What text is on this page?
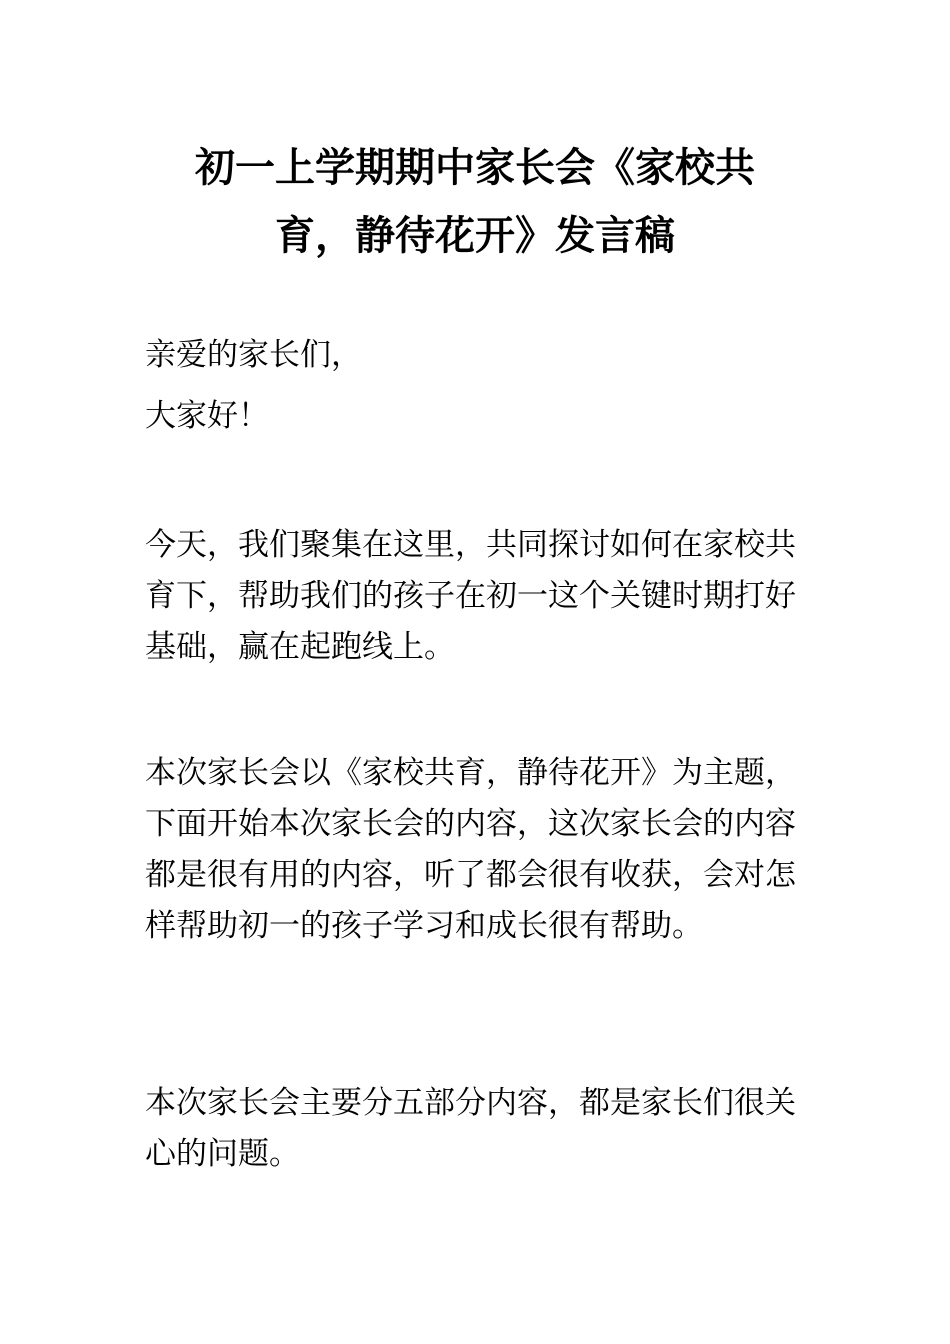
初一上学期期中家长会《家校共
育，静待花开》发言稿

亲爱的家长们，

大家好！

今天，我们聚集在这里，共同探讨如何在家校共育下，帮助我们的孩子在初一这个关键时期打好基础，赢在起跑线上。

本次家长会以《家校共育，静待花开》为主题，下面开始本次家长会的内容，这次家长会的内容都是很有用的内容，听了都会很有收获，会对怎样帮助初一的孩子学习和成长很有帮助。

本次家长会主要分五部分内容，都是家长们很关心的问题。
